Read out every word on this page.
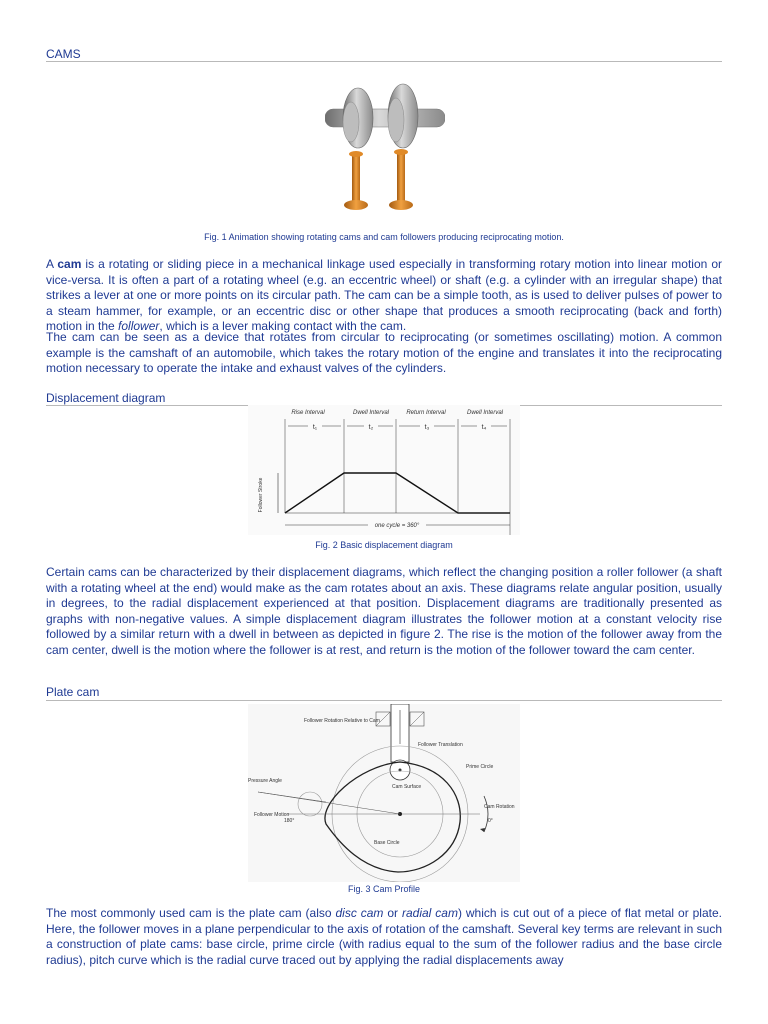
CAMS
Fig. 1 Animation showing rotating cams and cam followers producing reciprocating motion.
A cam is a rotating or sliding piece in a mechanical linkage used especially in transforming rotary motion into linear motion or vice-versa. It is often a part of a rotating wheel (e.g. an eccentric wheel) or shaft (e.g. a cylinder with an irregular shape) that strikes a lever at one or more points on its circular path. The cam can be a simple tooth, as is used to deliver pulses of power to a steam hammer, for example, or an eccentric disc or other shape that produces a smooth reciprocating (back and forth) motion in the follower, which is a lever making contact with the cam.
The cam can be seen as a device that rotates from circular to reciprocating (or sometimes oscillating) motion. A common example is the camshaft of an automobile, which takes the rotary motion of the engine and translates it into the reciprocating motion necessary to operate the intake and exhaust valves of the cylinders.
Displacement diagram
Rise Interval	Dwell Interval	Return Interval	Dwell Interval
t₁	t₂	t₃	t₄
Follower Stroke
one cycle = 360°
Fig. 2 Basic displacement diagram
Certain cams can be characterized by their displacement diagrams, which reflect the changing position a roller follower (a shaft with a rotating wheel at the end) would make as the cam rotates about an axis. These diagrams relate angular position, usually in degrees, to the radial displacement experienced at that position. Displacement diagrams are traditionally presented as graphs with non-negative values. A simple displacement diagram illustrates the follower motion at a constant velocity rise followed by a similar return with a dwell in between as depicted in figure 2. The rise is the motion of the follower away from the cam center, dwell is the motion where the follower is at rest, and return is the motion of the follower toward the cam center.
Plate cam
Follower Rotation Relative to Cam
Follower Translation
Prime Circle
Pressure Angle
Follower Motion
Cam Surface
Cam Rotation
Base Circle
180°	0°
Fig. 3 Cam Profile
The most commonly used cam is the plate cam (also disc cam or radial cam) which is cut out of a piece of flat metal or plate. Here, the follower moves in a plane perpendicular to the axis of rotation of the camshaft. Several key terms are relevant in such a construction of plate cams: base circle, prime circle (with radius equal to the sum of the follower radius and the base circle radius), pitch curve which is the radial curve traced out by applying the radial displacements away
